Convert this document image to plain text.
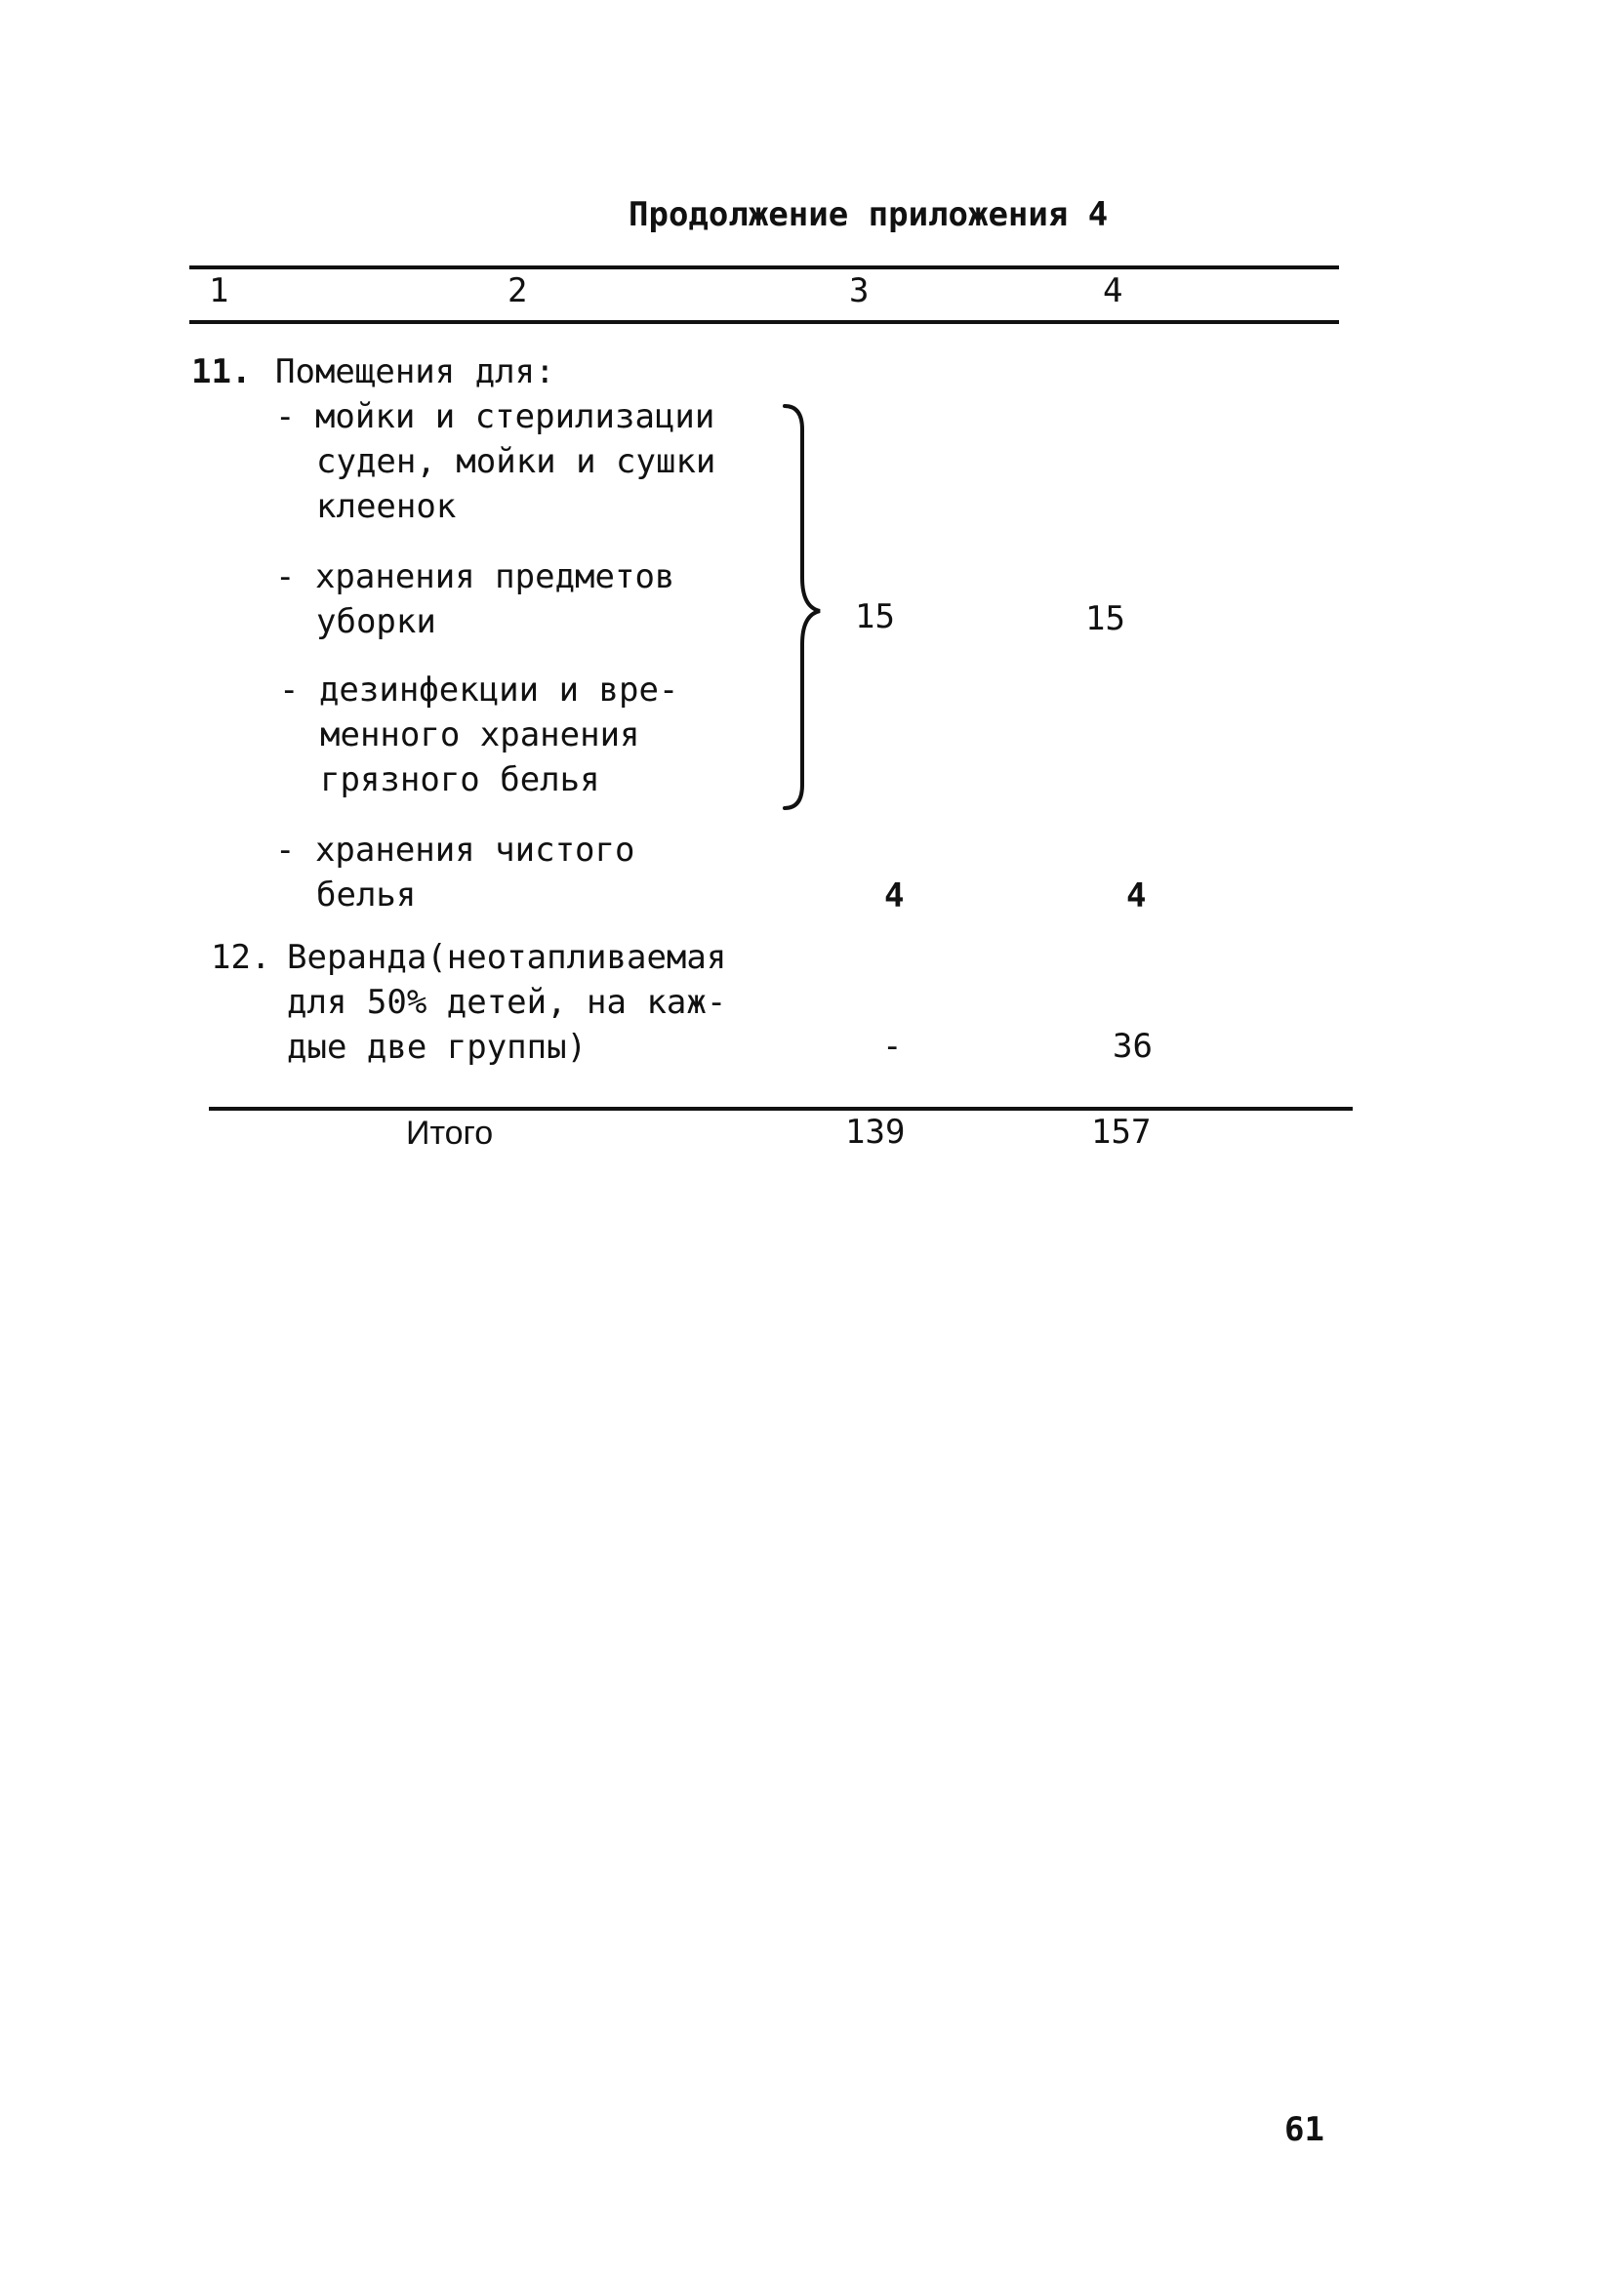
Продолжение приложения 4
1	2	3	4
11. Помещения для:
- мойки и стерилизации
суден, мойки и сушки
клеенок
- хранения предметов
уборки
- дезинфекции и вре-
менного хранения
грязного белья
15	15
- хранения чистого
белья	4	4
12. Веранда(неотапливаемая
для 50% детей, на каж-
дые две группы)	-	36
Итого	139	157
61
